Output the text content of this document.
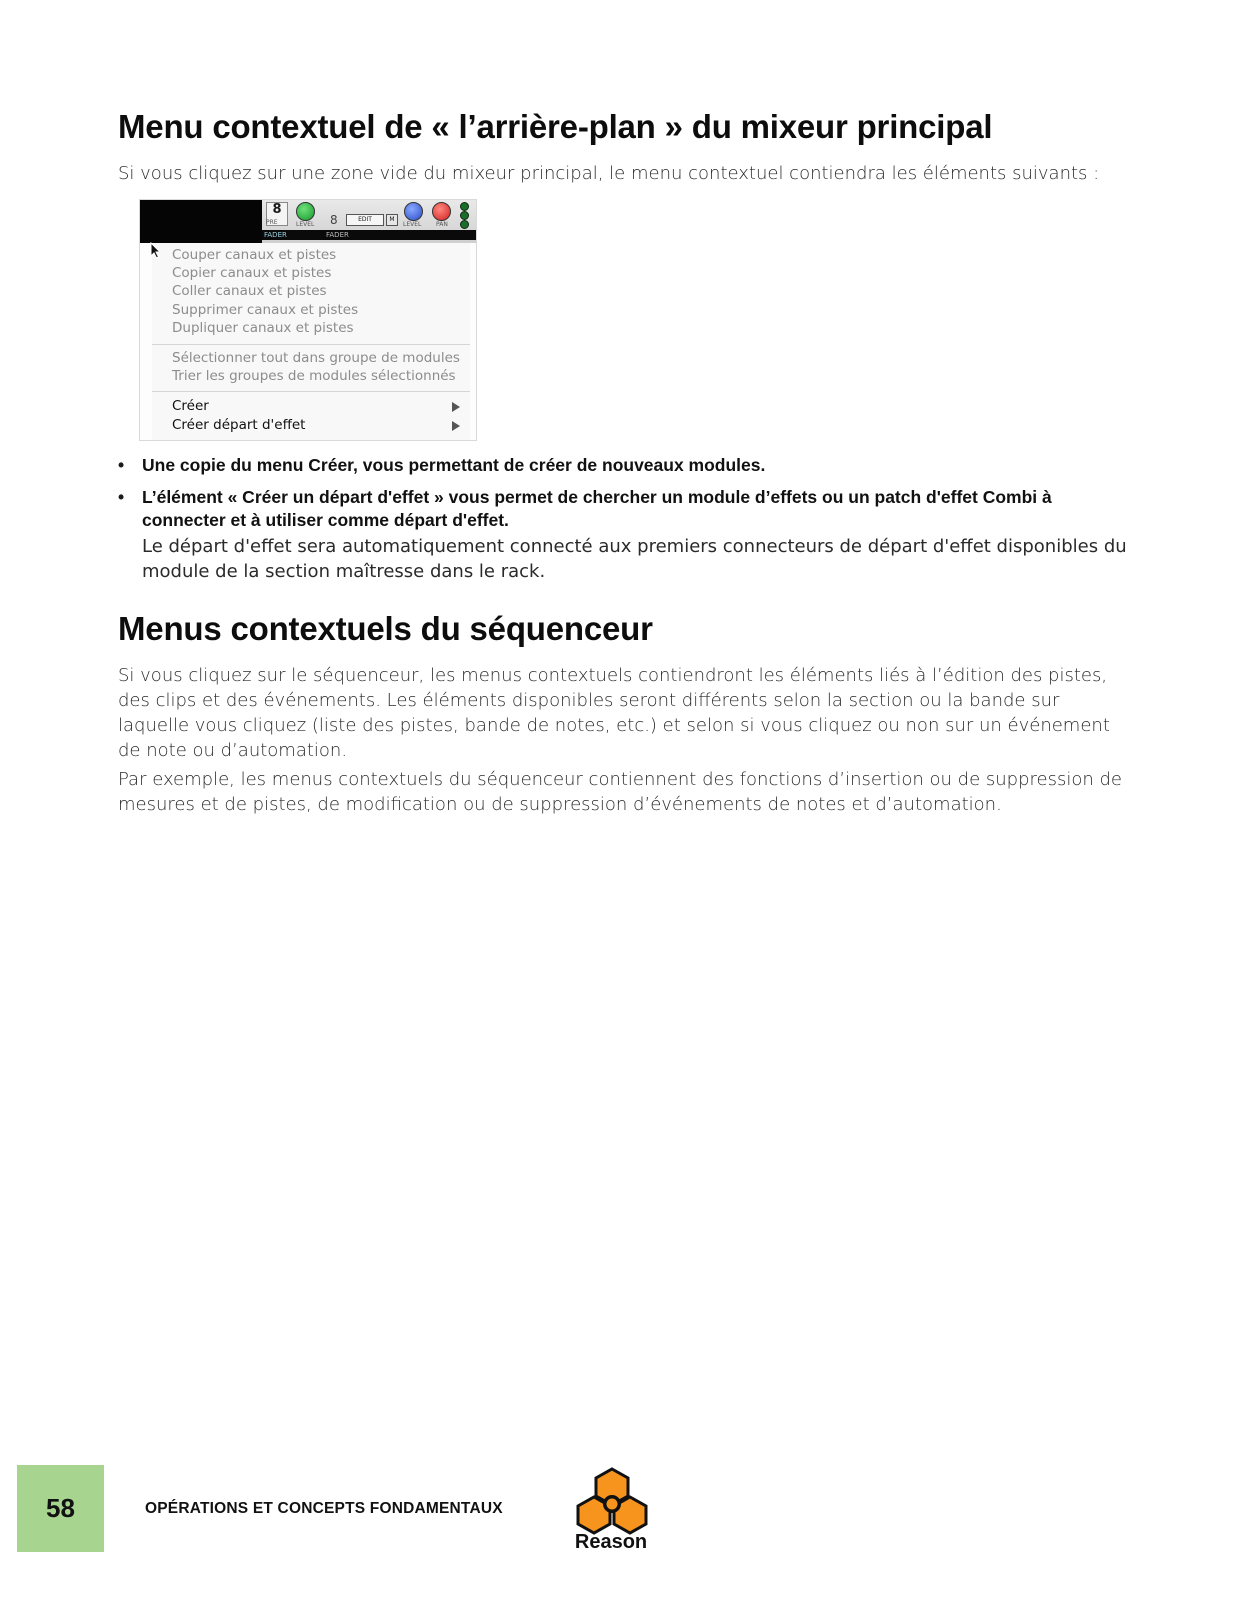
Menu contextuel de « l’arrière-plan » du mixeur principal

Si vous cliquez sur une zone vide du mixeur principal, le menu contextuel contiendra les éléments suivants :

8
PRE	LEVEL 8	EDIT	M
LEVEL PAN
FADER	FADER
Couper canaux et pistes
Copier canaux et pistes
Coller canaux et pistes
Supprimer canaux et pistes
Dupliquer canaux et pistes
Sélectionner tout dans groupe de modules
Trier les groupes de modules sélectionnés
Créer
Créer départ d'effet
• Une copie du menu Créer, vous permettant de créer de nouveaux modules.
• L’élément « Créer un départ d'effet » vous permet de chercher un module d’effets ou un patch d'effet Combi à connecter et à utiliser comme départ d'effet.
Le départ d'effet sera automatiquement connecté aux premiers connecteurs de départ d'effet disponibles du module de la section maîtresse dans le rack.
Menus contextuels du séquenceur

Si vous cliquez sur le séquenceur, les menus contextuels contiendront les éléments liés à l’édition des pistes, des clips et des événements. Les éléments disponibles seront différents selon la section ou la bande sur laquelle vous cliquez (liste des pistes, bande de notes, etc.) et selon si vous cliquez ou non sur un événement de note ou d’automation.

Par exemple, les menus contextuels du séquenceur contiennent des fonctions d’insertion ou de suppression de mesures et de pistes, de modification ou de suppression d’événements de notes et d’automation.

58	OPÉRATIONS ET CONCEPTS FONDAMENTAUX
Reason
